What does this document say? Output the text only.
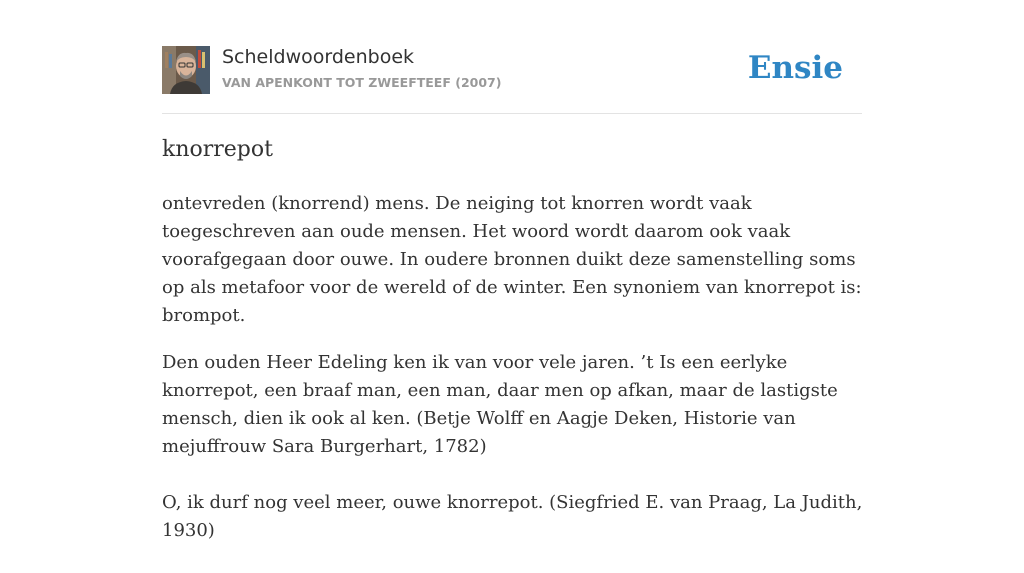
Scheldwoordenboek
VAN APENKONT TOT ZWEEFTEEF (2007)	Ensie
knorrepot

ontevreden (knorrend) mens. De neiging tot knorren wordt vaak toegeschreven aan oude mensen. Het woord wordt daarom ook vaak voorafgegaan door ouwe. In oudere bronnen duikt deze samenstelling soms op als metafoor voor de wereld of de winter. Een synoniem van knorrepot is: brompot.

Den ouden Heer Edeling ken ik van voor vele jaren. ’t Is een eerlyke knorrepot, een braaf man, een man, daar men op afkan, maar de lastigste mensch, dien ik ook al ken. (Betje Wolff en Aagje Deken, Historie van mejuffrouw Sara Burgerhart, 1782)

O, ik durf nog veel meer, ouwe knorrepot. (Siegfried E. van Praag, La Judith, 1930)
